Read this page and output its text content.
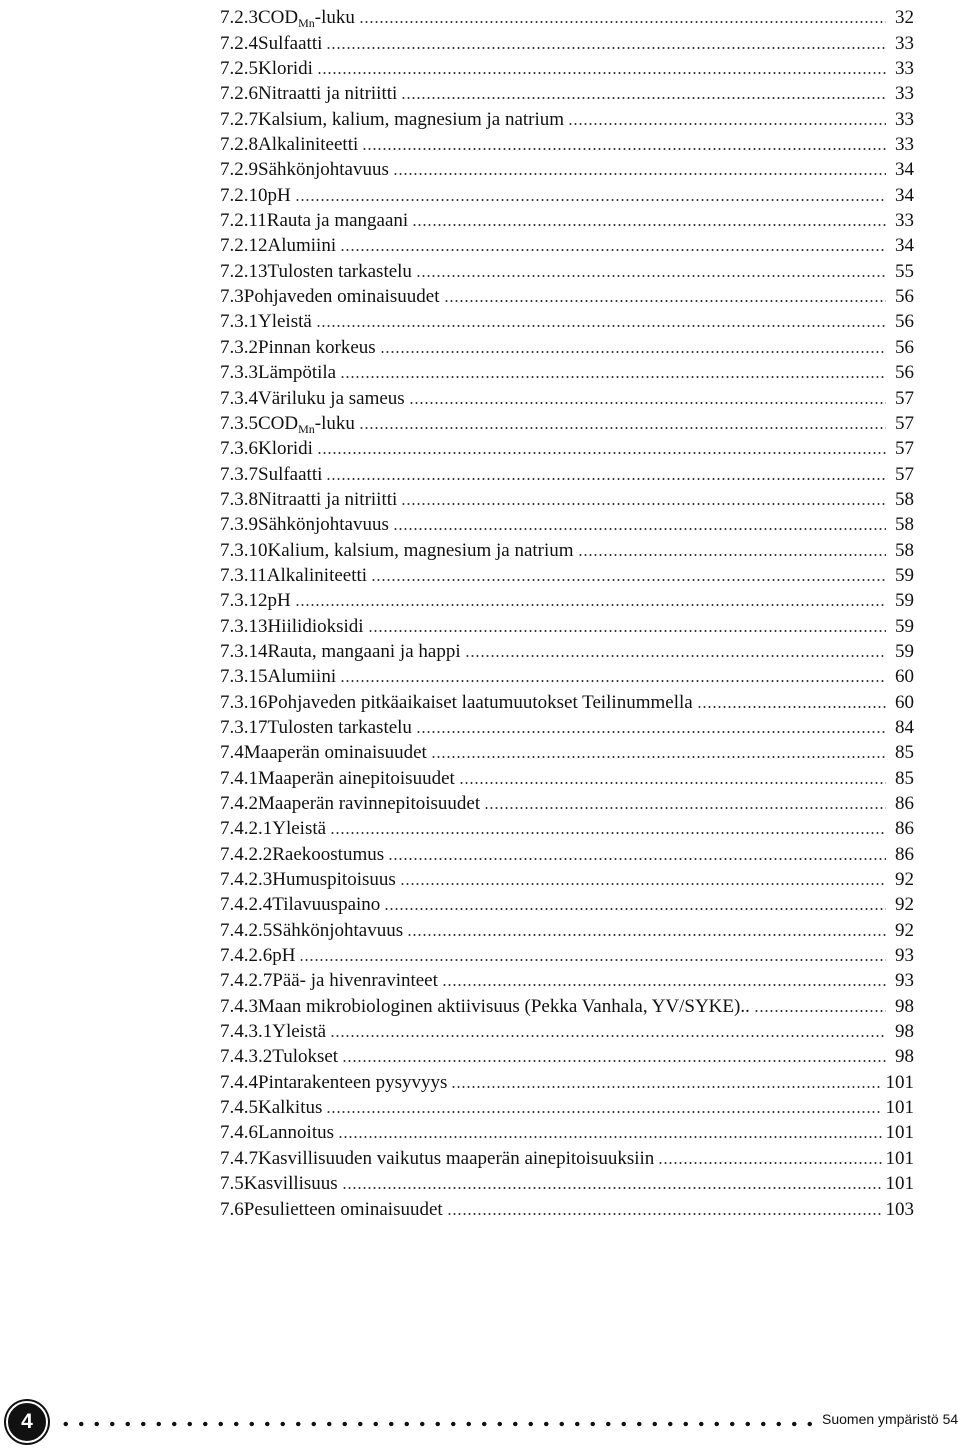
7.2.3 $COD_{Mn}$-luku	32
7.2.4 Sulfaatti	33
7.2.5 Kloridi	33
7.2.6 Nitraatti ja nitriitti	33
7.2.7 Kalsium, kalium, magnesium ja natrium	33
7.2.8 Alkaliniteetti	33
7.2.9 Sähkönjohtavuus	34
7.2.10 pH	34
7.2.11 Rauta ja mangaani	33
7.2.12 Alumiini	34
7.2.13 Tulosten tarkastelu	55
7.3 Pohjaveden ominaisuudet	56
7.3.1 Yleistä	56
7.3.2 Pinnan korkeus	56
7.3.3 Lämpötila	56
7.3.4 Väriluku ja sameus	57
7.3.5 $COD_{Mn}$-luku	57
7.3.6 Kloridi	57
7.3.7 Sulfaatti	57
7.3.8 Nitraatti ja nitriitti	58
7.3.9 Sähkönjohtavuus	58
7.3.10 Kalium, kalsium, magnesium ja natrium	58
7.3.11 Alkaliniteetti	59
7.3.12 pH	59
7.3.13 Hiilidioksidi	59
7.3.14 Rauta, mangaani ja happi	59
7.3.15 Alumiini	60
7.3.16 Pohjaveden pitkäaikaiset laatumuutokset Teilinummella	60
7.3.17 Tulosten tarkastelu	84
7.4 Maaperän ominaisuudet	85
7.4.1 Maaperän ainepitoisuudet	85
7.4.2 Maaperän ravinnepitoisuudet	86
7.4.2.1 Yleistä	86
7.4.2.2 Raekoostumus	86
7.4.2.3 Humuspitoisuus	92
7.4.2.4 Tilavuuspaino	92
7.4.2.5 Sähkönjohtavuus	92
7.4.2.6 pH	93
7.4.2.7 Pää- ja hivenravinteet	93
7.4.3 Maan mikrobiologinen aktiivisuus (Pekka Vanhala, YV/SYKE)..	98
7.4.3.1 Yleistä	98
7.4.3.2 Tulokset	98
7.4.4 Pintarakenteen pysyvyys	101
7.4.5 Kalkitus	101
7.4.6 Lannoitus	101
7.4.7 Kasvillisuuden vaikutus maaperän ainepitoisuuksiin	101
7.5 Kasvillisuus	101
7.6 Pesulietteen ominaisuudet	103
4	Suomen ympäristö 54
